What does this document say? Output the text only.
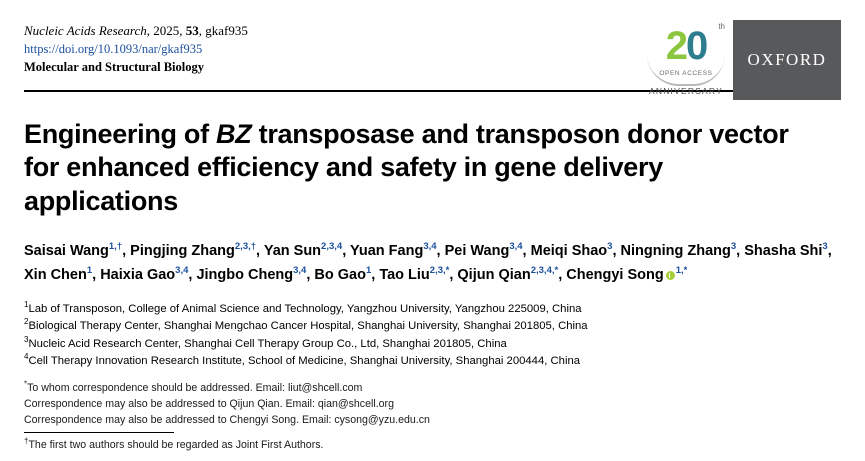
Nucleic Acids Research, 2025, 53, gkaf935
https://doi.org/10.1093/nar/gkaf935
Molecular and Structural Biology	20	th
OPEN ACCESS
ANNIVERSARY
OXFORD
Engineering of BZ transposase and transposon donor vector for enhanced efficiency and safety in gene delivery applications
Saisai Wang$^{1,\dagger}$, Pingjing Zhang$^{2,3,\dagger}$, Yan Sun$^{2,3,4}$, Yuan Fang$^{3,4}$, Pei Wang$^{3,4}$, Meiqi Shao$^3$, Ningning Zhang$^3$, Shasha Shi$^3$, Xin Chen$^1$, Haixia Gao$^{3,4}$, Jingbo Cheng$^{3,4}$, Bo Gao$^1$, Tao Liu$^{2,3,*}$, Qijun Qian$^{2,3,4,*}$, Chengyi Song $^{1,*}$
$^1$Lab of Transposon, College of Animal Science and Technology, Yangzhou University, Yangzhou 225009, China
$^2$Biological Therapy Center, Shanghai Mengchao Cancer Hospital, Shanghai University, Shanghai 201805, China
$^3$Nucleic Acid Research Center, Shanghai Cell Therapy Group Co., Ltd, Shanghai 201805, China
$^4$Cell Therapy Innovation Research Institute, School of Medicine, Shanghai University, Shanghai 200444, China
*To whom correspondence should be addressed. Email: liut@shcell.com
Correspondence may also be addressed to Qijun Qian. Email: qian@shcell.org
Correspondence may also be addressed to Chengyi Song. Email: cysong@yzu.edu.cn
†The first two authors should be regarded as Joint First Authors.
